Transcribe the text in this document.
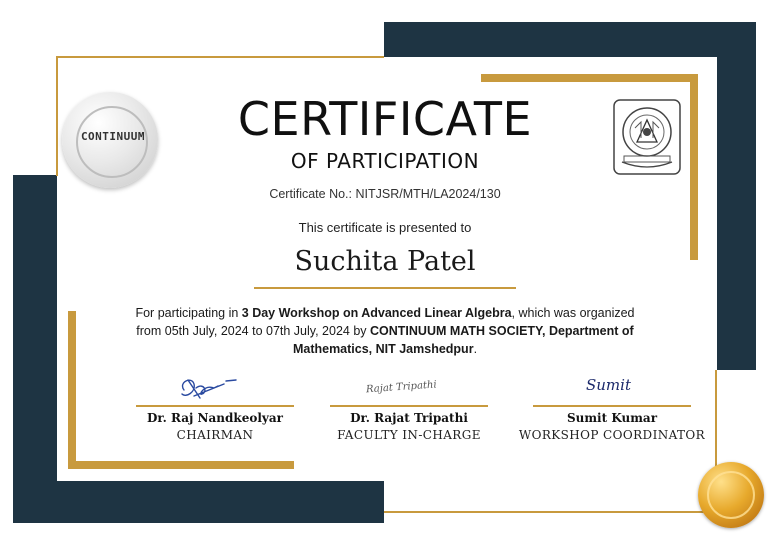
CONTINUUM	CERTIFICATE
OF PARTICIPATION
Certificate No.: NITJSR/MTH/LA2024/130
This certificate is presented to
Suchita Patel
For participating in 3 Day Workshop on Advanced Linear Algebra, which was organized from 05th July, 2024 to 07th July, 2024 by CONTINUUM MATH SOCIETY, Department of Mathematics, NIT Jamshedpur.
Dr. Raj Nandkeolyar
CHAIRMAN
Rajat Tripathi
Dr. Rajat Tripathi
FACULTY IN-CHARGE
Sumit
Sumit Kumar
WORKSHOP COORDINATOR
